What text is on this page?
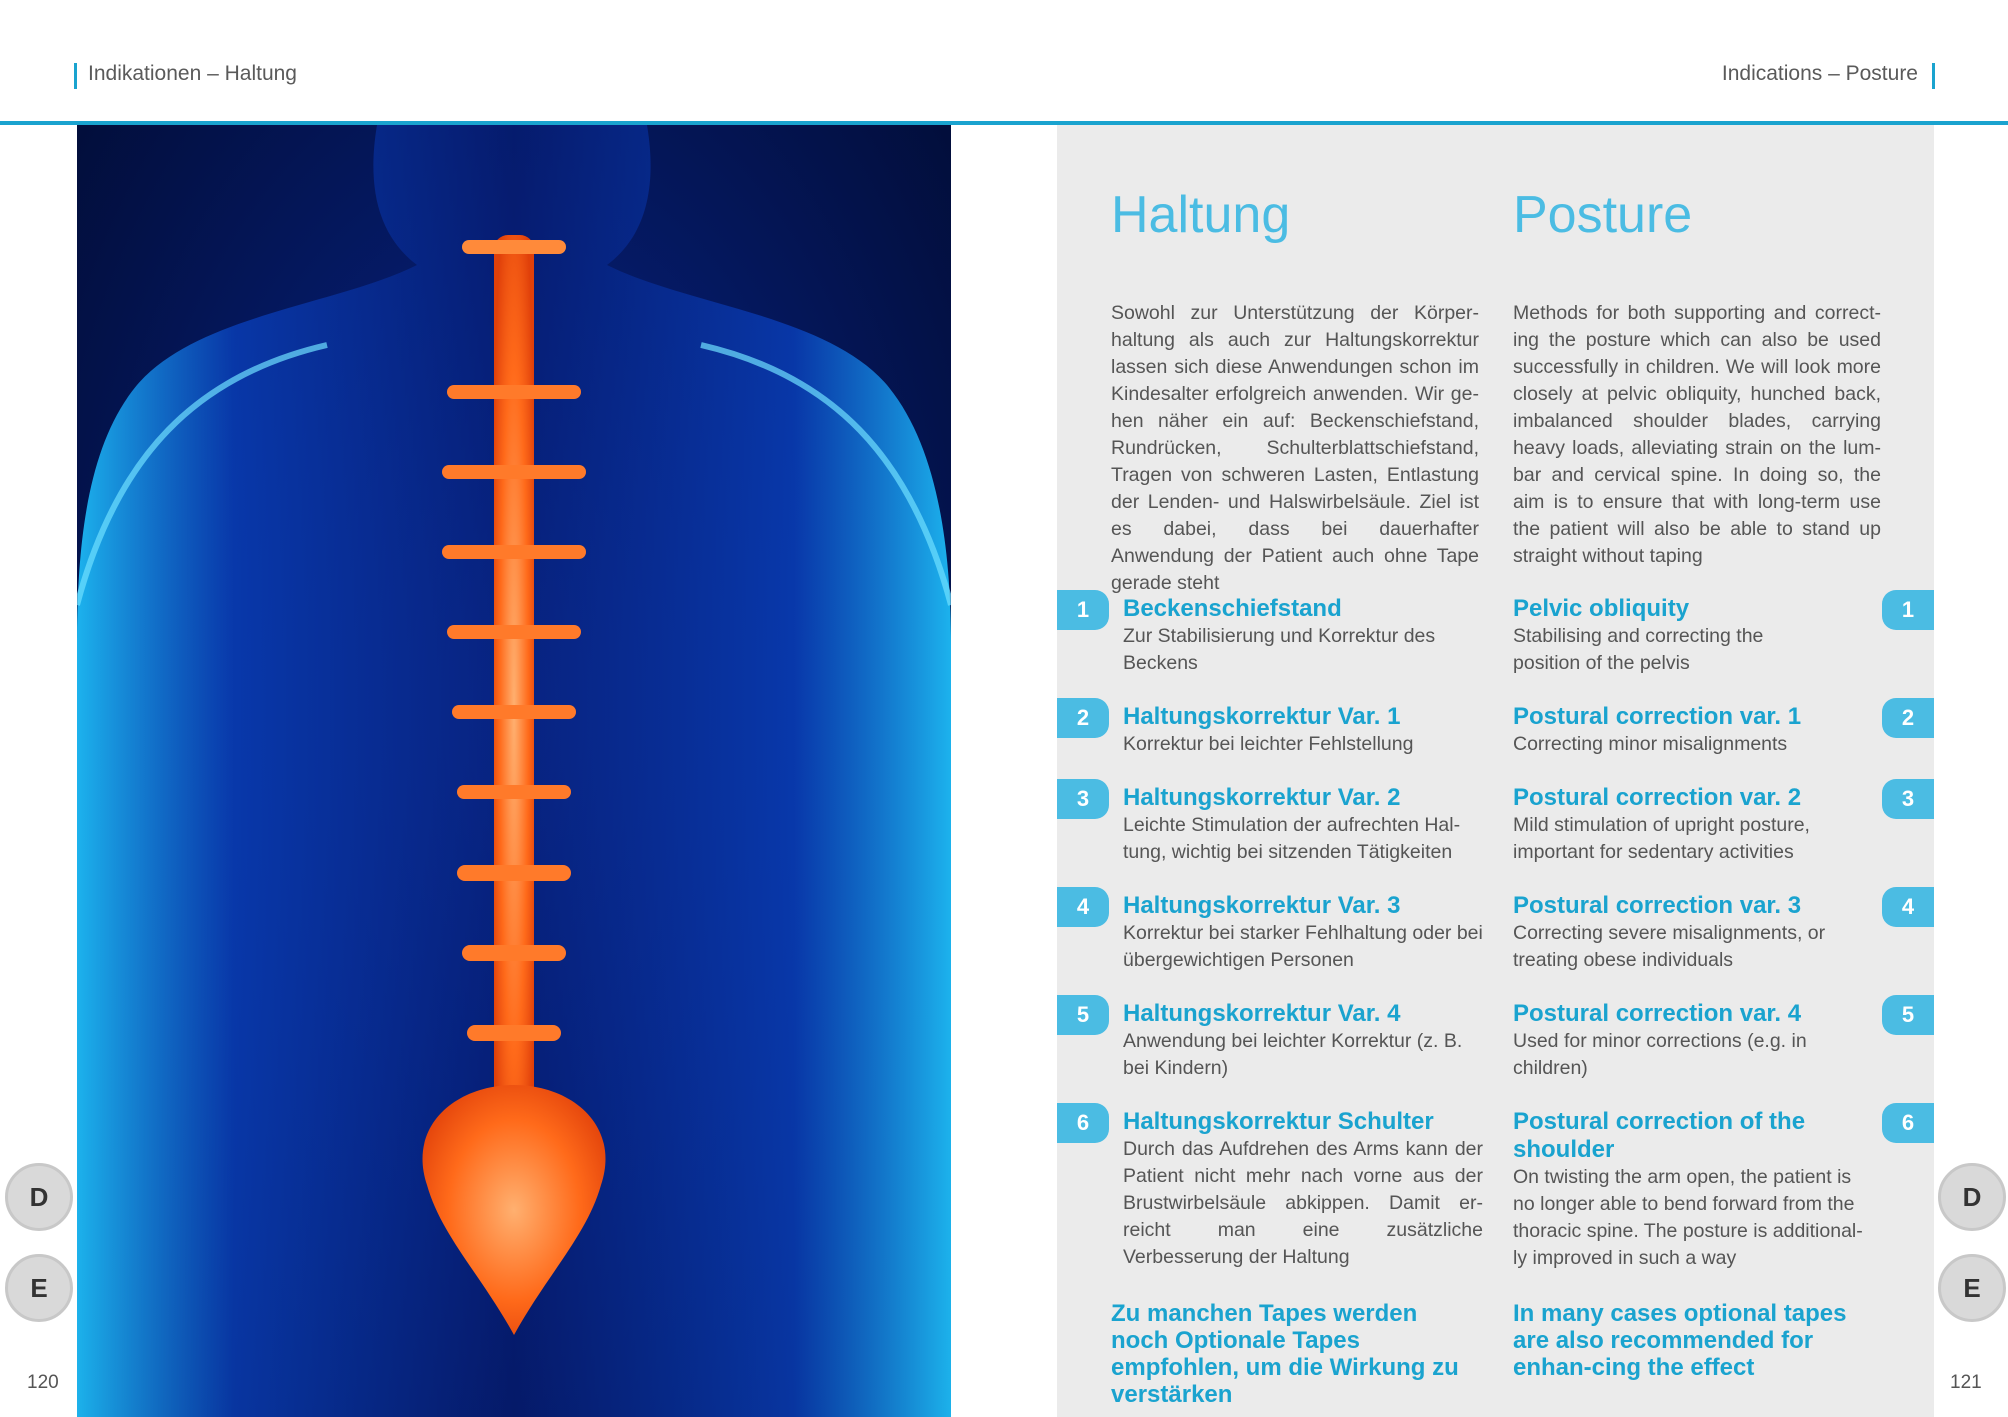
Indikationen – Haltung	Indications – Posture
Haltung	Posture
Sowohl zur Unterstützung der Körper-haltung als auch zur Haltungskorrektur lassen sich diese Anwendungen schon im Kindesalter erfolgreich anwenden. Wir ge-hen näher ein auf: Beckenschiefstand, Rundrücken, Schulterblattschiefstand, Tragen von schweren Lasten, Entlastung der Lenden- und Halswirbelsäule. Ziel ist es dabei, dass bei dauerhafter Anwendung der Patient auch ohne Tape gerade steht
Methods for both supporting and correct-ing the posture which can also be used successfully in children. We will look more closely at pelvic obliquity, hunched back, imbalanced shoulder blades, carrying heavy loads, alleviating strain on the lum-bar and cervical spine. In doing so, the aim is to ensure that with long-term use the patient will also be able to stand up straight without taping
1	1
Beckenschiefstand
Zur Stabilisierung und Korrektur des Beckens
Pelvic obliquity
Stabilising and correcting the position of the pelvis
2	2
Haltungskorrektur Var. 1
Korrektur bei leichter Fehlstellung
Postural correction var. 1
Correcting minor misalignments
3	3
Haltungskorrektur Var. 2
Leichte Stimulation der aufrechten Hal-tung, wichtig bei sitzenden Tätigkeiten
Postural correction var. 2
Mild stimulation of upright posture, important for sedentary activities
4	4
Haltungskorrektur Var. 3
Korrektur bei starker Fehlhaltung oder bei übergewichtigen Personen
Postural correction var. 3
Correcting severe misalignments, or treating obese individuals
5	5
Haltungskorrektur Var. 4
Anwendung bei leichter Korrektur (z. B. bei Kindern)
Postural correction var. 4
Used for minor corrections (e.g. in children)
6	6
Haltungskorrektur Schulter
Durch das Aufdrehen des Arms kann der Patient nicht mehr nach vorne aus der Brustwirbelsäule abkippen. Damit er-reicht man eine zusätzliche Verbesserung der Haltung
Postural correction of the shoulder
On twisting the arm open, the patient is no longer able to bend forward from the thoracic spine. The posture is additional-ly improved in such a way
Zu manchen Tapes werden noch Optionale Tapes empfohlen, um die Wirkung zu verstärken
In many cases optional tapes are also recommended for enhan-cing the effect
D
E
D
E
120	121
